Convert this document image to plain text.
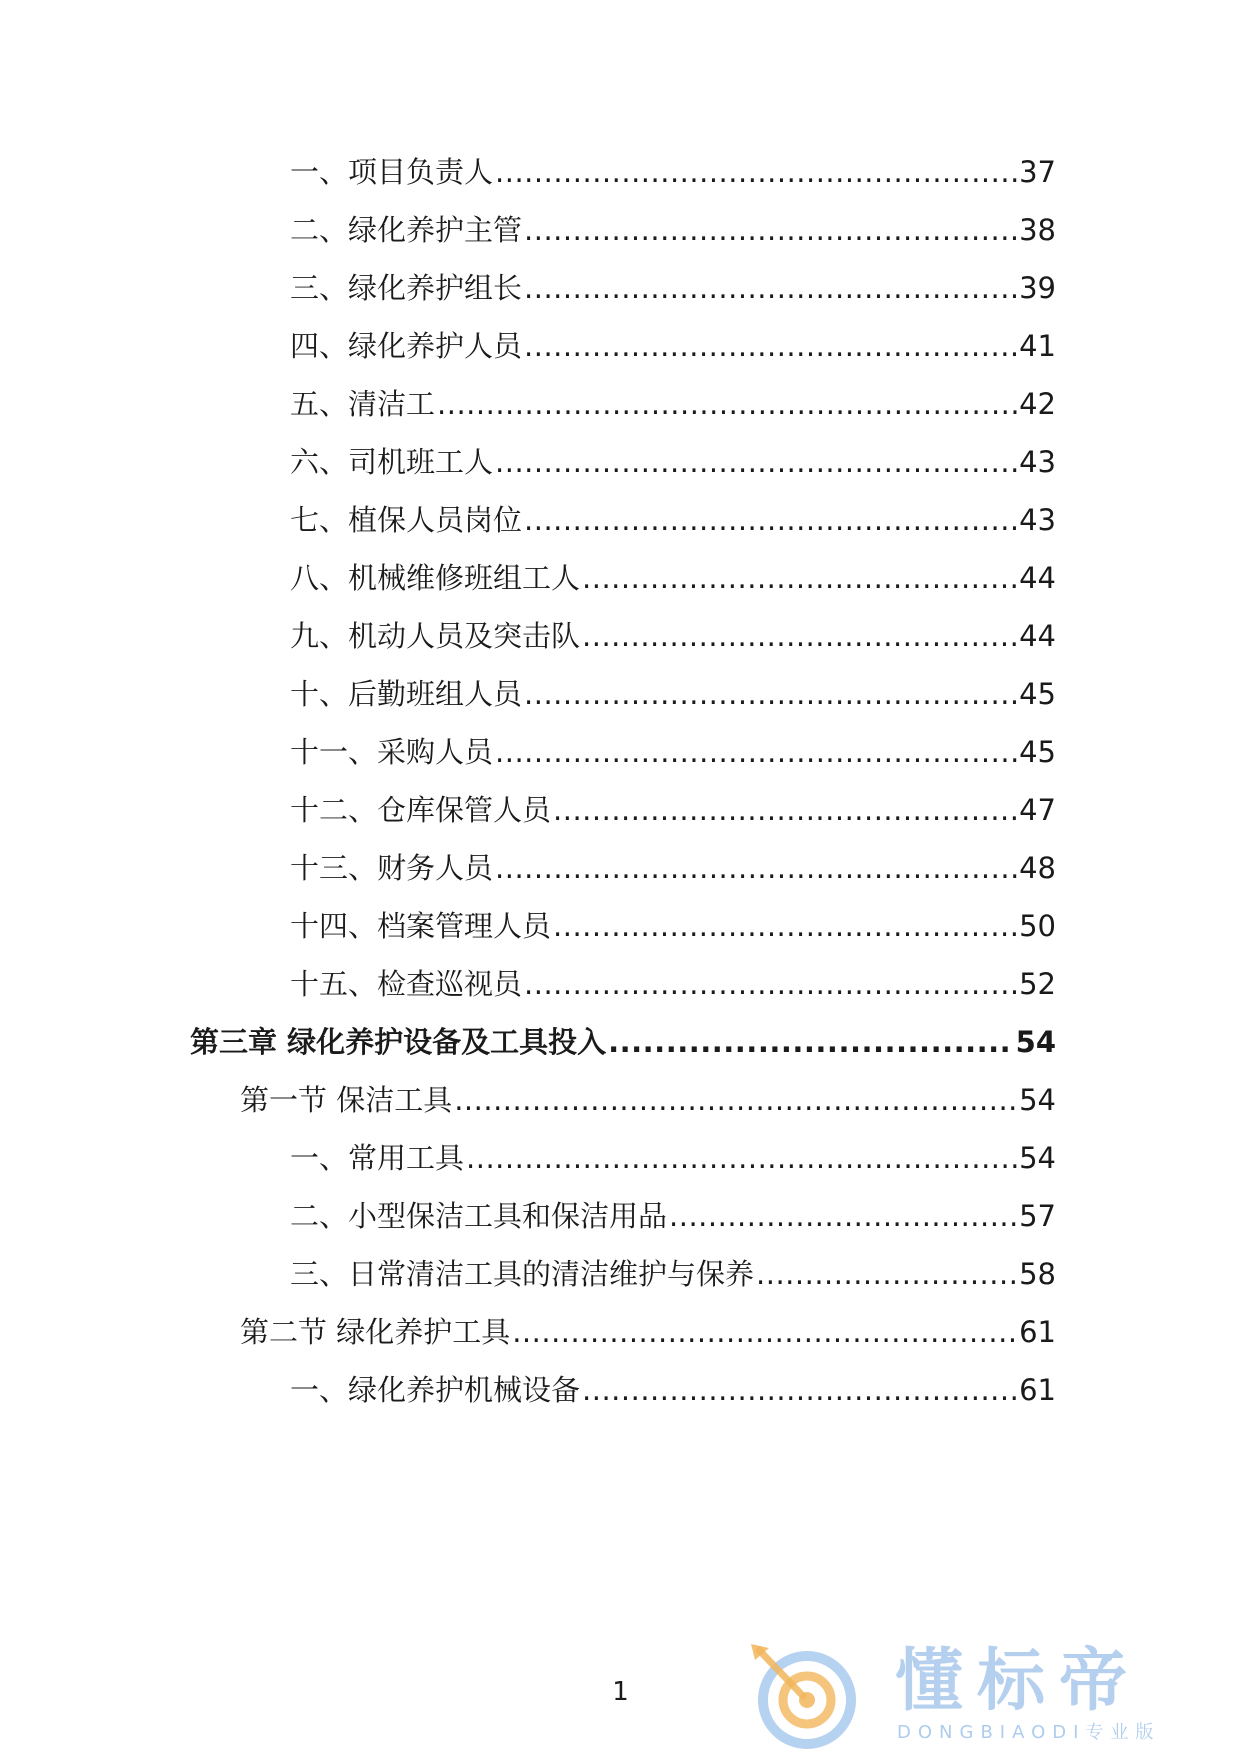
一、项目负责人 .....	37
二、绿化养护主管 .....	38
三、绿化养护组长 .....	39
四、绿化养护人员 .....	41
五、清洁工 .....	42
六、司机班工人 .....	43
七、植保人员岗位 .....	43
八、机械维修班组工人 .....	44
九、机动人员及突击队 .....	44
十、后勤班组人员 .....	45
十一、采购人员 .....	45
十二、仓库保管人员 .....	47
十三、财务人员 .....	48
十四、档案管理人员 .....	50
十五、检查巡视员 .....	52
第三章 绿化养护设备及工具投入 .....	54
第一节 保洁工具 .....	54
一、常用工具 .....	54
二、小型保洁工具和保洁用品 .....	57
三、日常清洁工具的清洁维护与保养 .....	58
第二节 绿化养护工具 .....	61
一、绿化养护机械设备 .....	61
1	懂标帝
DONGBIAODI专业版
